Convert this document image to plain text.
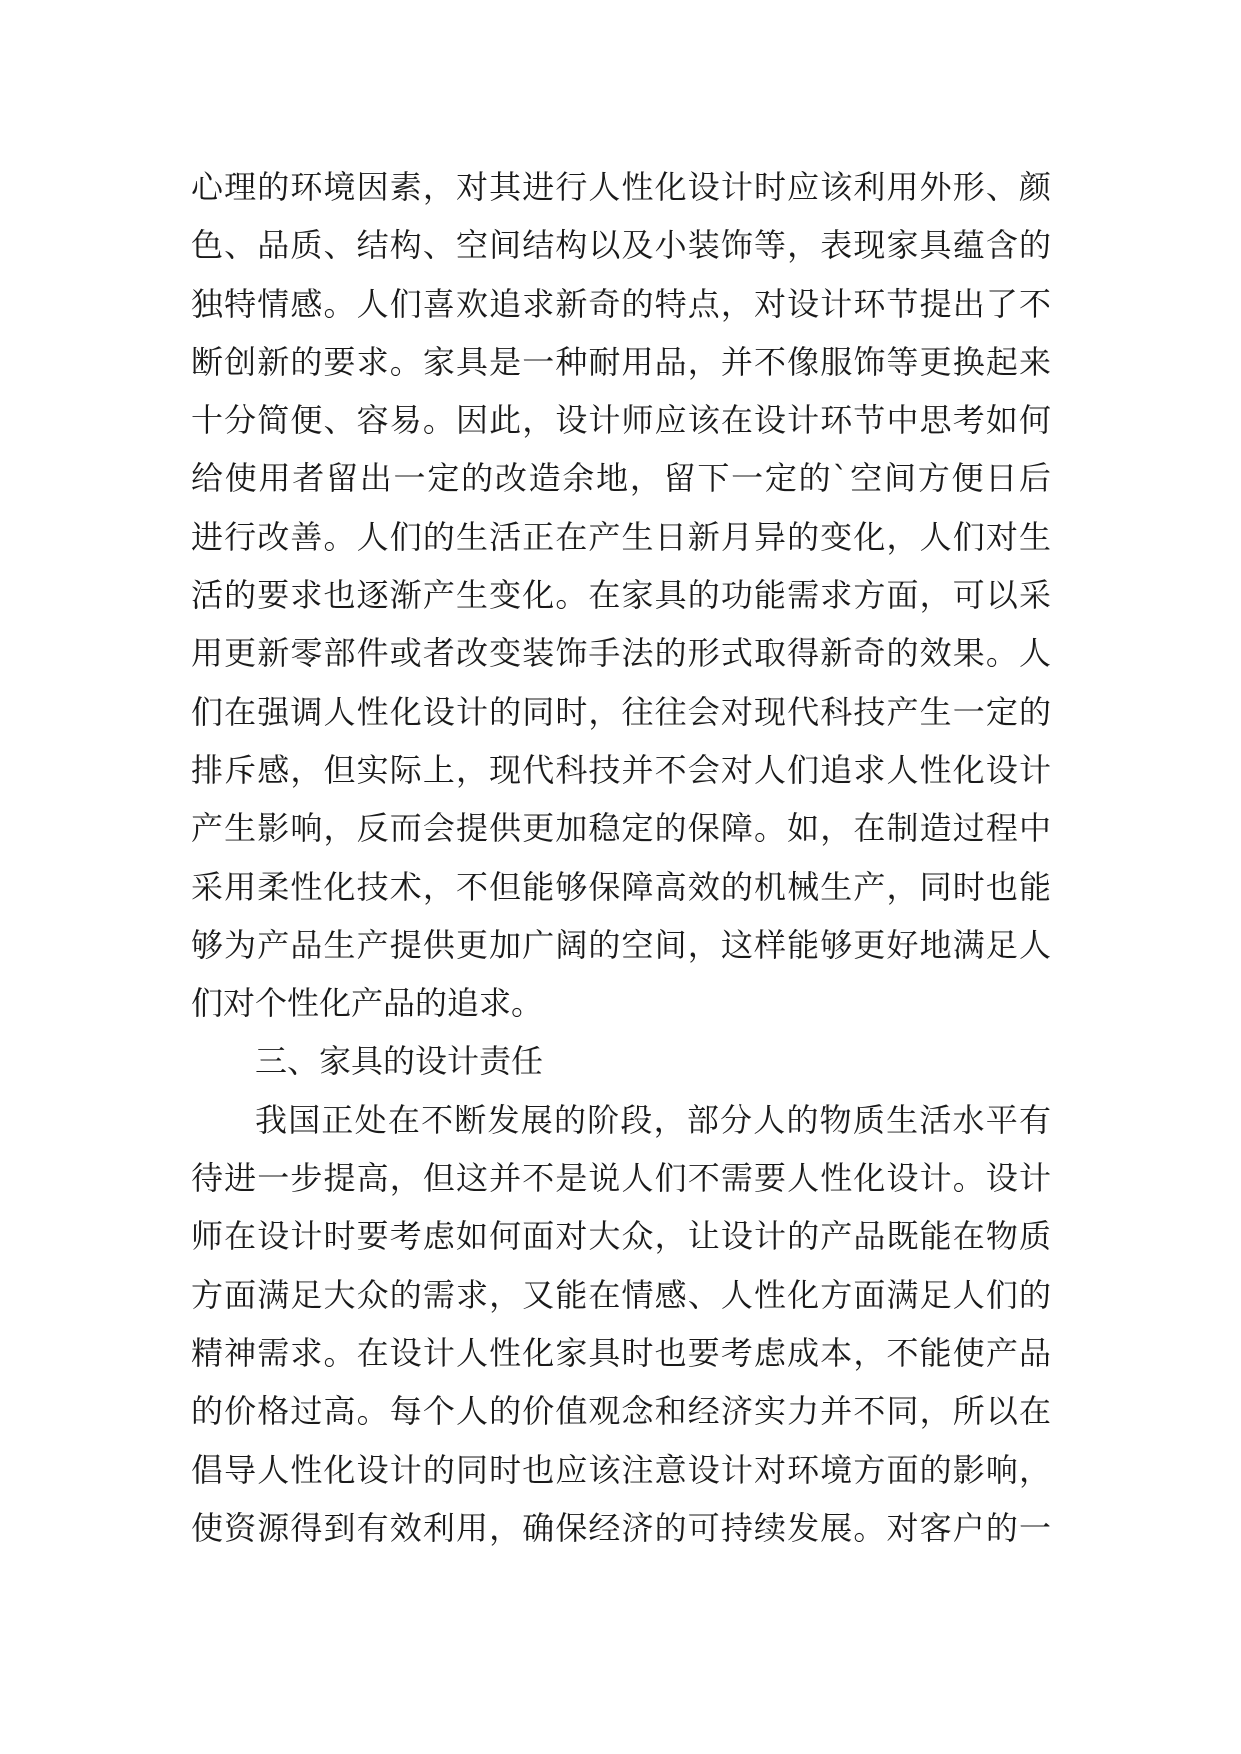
心理的环境因素，对其进行人性化设计时应该利用外形、颜
色、品质、结构、空间结构以及小装饰等，表现家具蕴含的
独特情感。人们喜欢追求新奇的特点，对设计环节提出了不
断创新的要求。家具是一种耐用品，并不像服饰等更换起来
十分简便、容易。因此，设计师应该在设计环节中思考如何
给使用者留出一定的改造余地，留下一定的`空间方便日后
进行改善。人们的生活正在产生日新月异的变化，人们对生
活的要求也逐渐产生变化。在家具的功能需求方面，可以采
用更新零部件或者改变装饰手法的形式取得新奇的效果。人
们在强调人性化设计的同时，往往会对现代科技产生一定的
排斥感，但实际上，现代科技并不会对人们追求人性化设计
产生影响，反而会提供更加稳定的保障。如，在制造过程中
采用柔性化技术，不但能够保障高效的机械生产，同时也能
够为产品生产提供更加广阔的空间，这样能够更好地满足人
们对个性化产品的追求。
三、家具的设计责任
我国正处在不断发展的阶段，部分人的物质生活水平有
待进一步提高，但这并不是说人们不需要人性化设计。设计
师在设计时要考虑如何面对大众，让设计的产品既能在物质
方面满足大众的需求，又能在情感、人性化方面满足人们的
精神需求。在设计人性化家具时也要考虑成本，不能使产品
的价格过高。每个人的价值观念和经济实力并不同，所以在
倡导人性化设计的同时也应该注意设计对环境方面的影响，
使资源得到有效利用，确保经济的可持续发展。对客户的一
